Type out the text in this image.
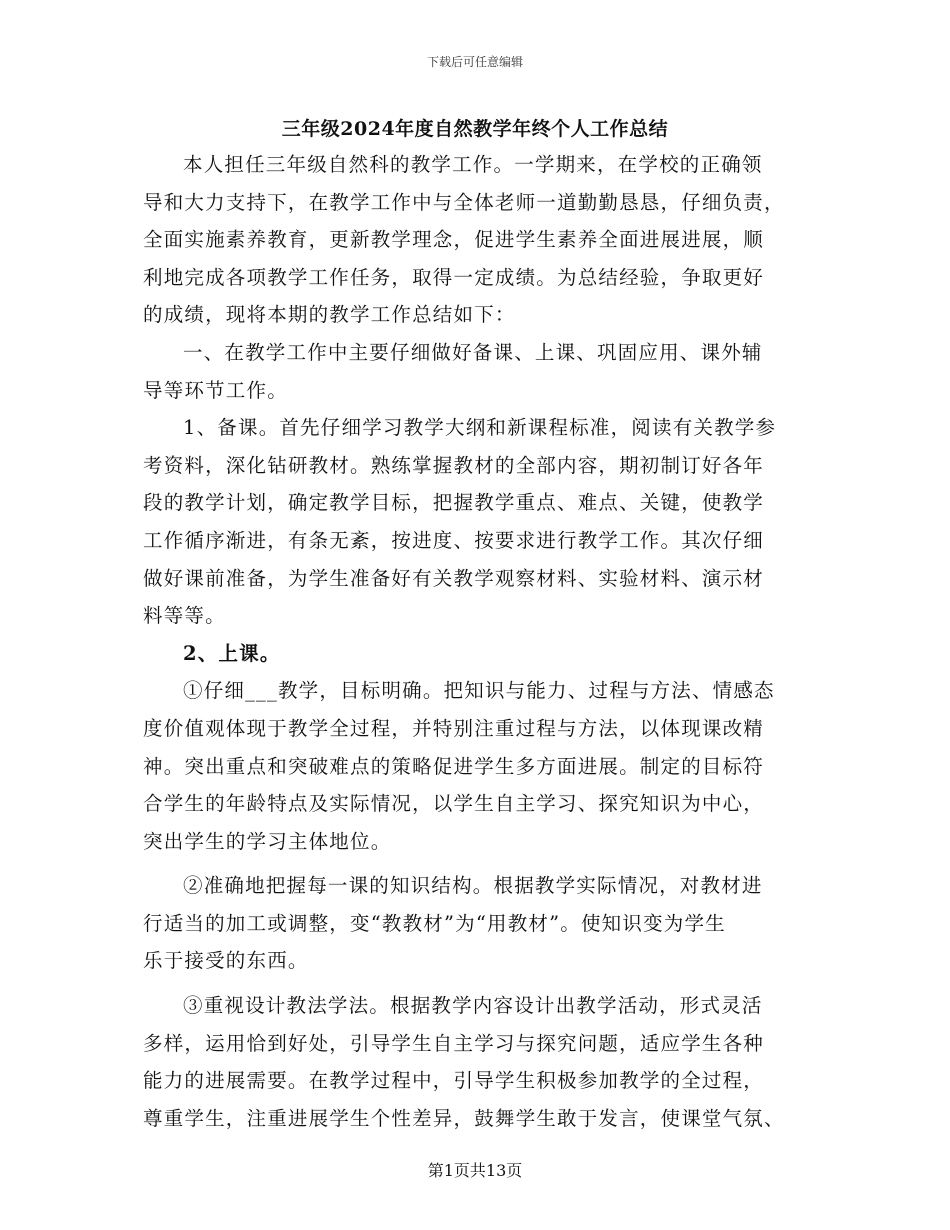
下载后可任意编辑
三年级2024年度自然教学年终个人工作总结
本人担任三年级自然科的教学工作。一学期来，在学校的正确领
导和大力支持下，在教学工作中与全体老师一道勤勤恳恳，仔细负责，
全面实施素养教育，更新教学理念，促进学生素养全面进展进展，顺
利地完成各项教学工作任务，取得一定成绩。为总结经验，争取更好
的成绩，现将本期的教学工作总结如下：
一、在教学工作中主要仔细做好备课、上课、巩固应用、课外辅
导等环节工作。
1、备课。首先仔细学习教学大纲和新课程标准，阅读有关教学参
考资料，深化钻研教材。熟练掌握教材的全部内容，期初制订好各年
段的教学计划，确定教学目标，把握教学重点、难点、关键，使教学
工作循序渐进，有条无紊，按进度、按要求进行教学工作。其次仔细
做好课前准备，为学生准备好有关教学观察材料、实验材料、演示材
料等等。
2、上课。
①仔细___教学，目标明确。把知识与能力、过程与方法、情感态
度价值观体现于教学全过程，并特别注重过程与方法，以体现课改精
神。突出重点和突破难点的策略促进学生多方面进展。制定的目标符
合学生的年龄特点及实际情况，以学生自主学习、探究知识为中心，
突出学生的学习主体地位。
②准确地把握每一课的知识结构。根据教学实际情况，对教材进
行适当的加工或调整，变“教教材”为“用教材”。使知识变为学生
乐于接受的东西。
③重视设计教法学法。根据教学内容设计出教学活动，形式灵活
多样，运用恰到好处，引导学生自主学习与探究问题，适应学生各种
能力的进展需要。在教学过程中，引导学生积极参加教学的全过程，
尊重学生，注重进展学生个性差异，鼓舞学生敢于发言，使课堂气氛、
第1页共13页
